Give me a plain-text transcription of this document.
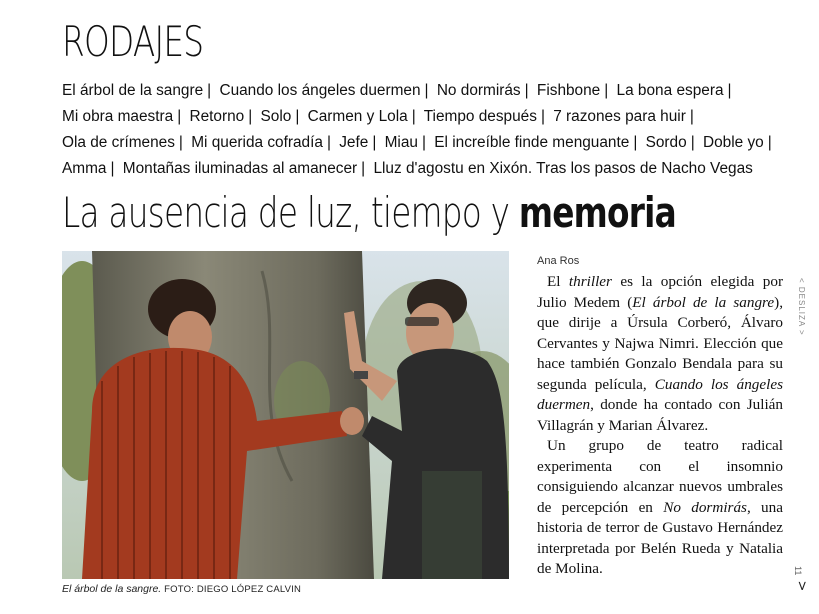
RODAJES

El árbol de la sangre | Cuando los ángeles duermen | No dormirás | Fishbone | La bona espera | Mi obra maestra | Retorno | Solo | Carmen y Lola | Tiempo después | 7 razones para huir | Ola de crímenes | Mi querida cofradía | Jefe | Miau | El increíble finde menguante | Sordo | Doble yo | Amma | Montañas iluminadas al amanecer | Lluz d'agostu en Xixón. Tras los pasos de Nacho Vegas

La ausencia de luz, tiempo y memoria
El árbol de la sangre. FOTO: DIEGO LÓPEZ CALVIN
Ana Ros

El thriller es la opción elegida por Julio Medem (El árbol de la sangre), que dirije a Úrsula Corberó, Álvaro Cervantes y Najwa Nimri. Elección que hace también Gonzalo Bendala para su segunda película, Cuando los ángeles duermen, donde ha contado con Julián Villagrán y Marian Álvarez.

Un grupo de teatro radical experimenta con el insomnio consiguiendo alcanzar nuevos umbrales de percepción en No dormirás, una historia de terror de Gustavo Hernández interpretada por Belén Rueda y Natalia de Molina.

< DESLIZA >
11
>
